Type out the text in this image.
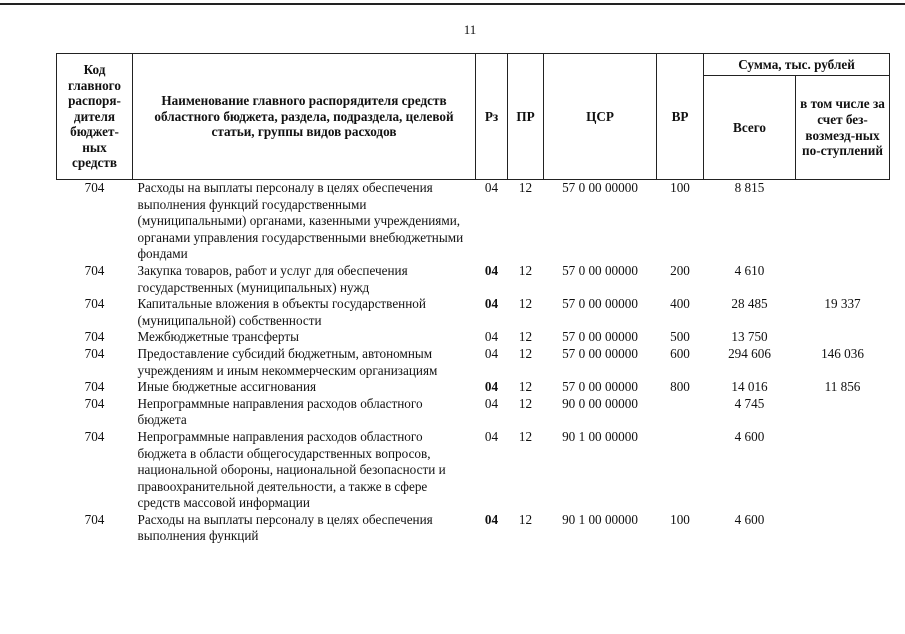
11
Код главного распоря-дителя бюджет-ных средств	Наименование главного распорядителя средств областного бюджета, раздела, подраздела, целевой статьи, группы видов расходов	Рз	ПР	ЦСР	ВР	Сумма, тыс. рублей	
						Всего	в том числе за счет без-возмезд-ных по-ступлений
704	Расходы на выплаты персоналу в целях обеспечения выполнения функций государственными (муниципальными) органами, казенными учреждениями, органами управления государственными внебюджетными фондами	04	12	57 0 00 00000	100	8 815	
704	Закупка товаров, работ и услуг для обеспечения государственных (муниципальных) нужд	04	12	57 0 00 00000	200	4 610	
704	Капитальные вложения в объекты государственной (муниципальной) собственности	04	12	57 0 00 00000	400	28 485	19 337
704	Межбюджетные трансферты	04	12	57 0 00 00000	500	13 750	
704	Предоставление субсидий бюджетным, автономным учреждениям и иным некоммерческим организациям	04	12	57 0 00 00000	600	294 606	146 036
704	Иные бюджетные ассигнования	04	12	57 0 00 00000	800	14 016	11 856
704	Непрограммные направления расходов областного бюджета	04	12	90 0 00 00000		4 745	
704	Непрограммные направления расходов областного бюджета в области общегосударственных вопросов, национальной обороны, национальной безопасности и правоохранительной деятельности, а также в сфере средств массовой информации	04	12	90 1 00 00000		4 600	
704	Расходы на выплаты персоналу в целях обеспечения выполнения функций	04	12	90 1 00 00000	100	4 600	
